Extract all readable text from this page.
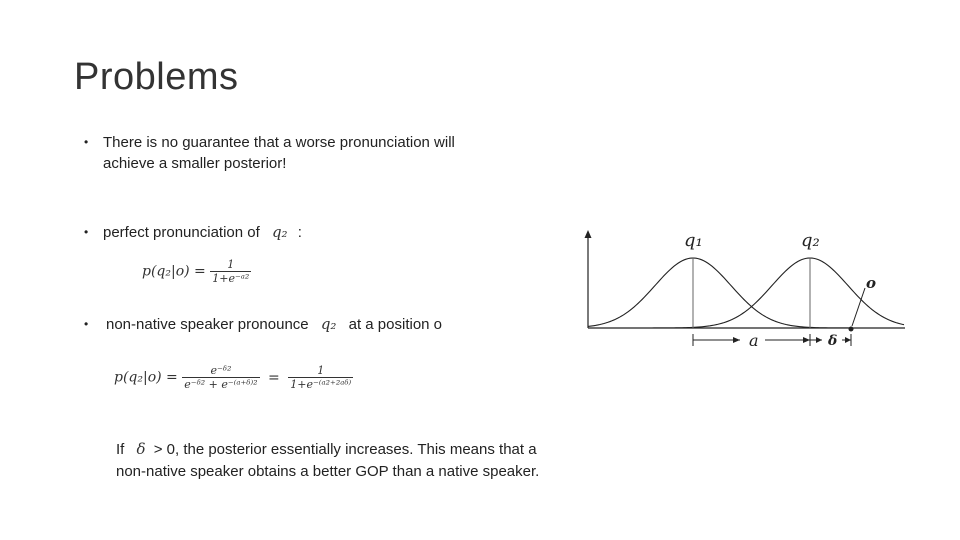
Problems
• There is no guarantee that a worse pronunciation will
achieve a smaller posterior!
• perfect pronunciation of q₂ :
$p(q_2|o) = \frac{1}{\text{1+e⁻ᵃ²}}$
• non-native speaker pronounce q₂ at a position o
$p(q_2|o) = \frac{\text{e⁻ᵟ²}}{\text{e⁻ᵟ² + e⁻⁽ᵃ⁺ᵟ⁾²}} = \frac{1}{\text{1+e⁻⁽ᵃ²⁺²ᵃᵟ⁾}}$
If δ > 0, the posterior essentially increases. This means that a
non-native speaker obtains a better GOP than a native speaker.
q₁	q₂
o
a	δ
